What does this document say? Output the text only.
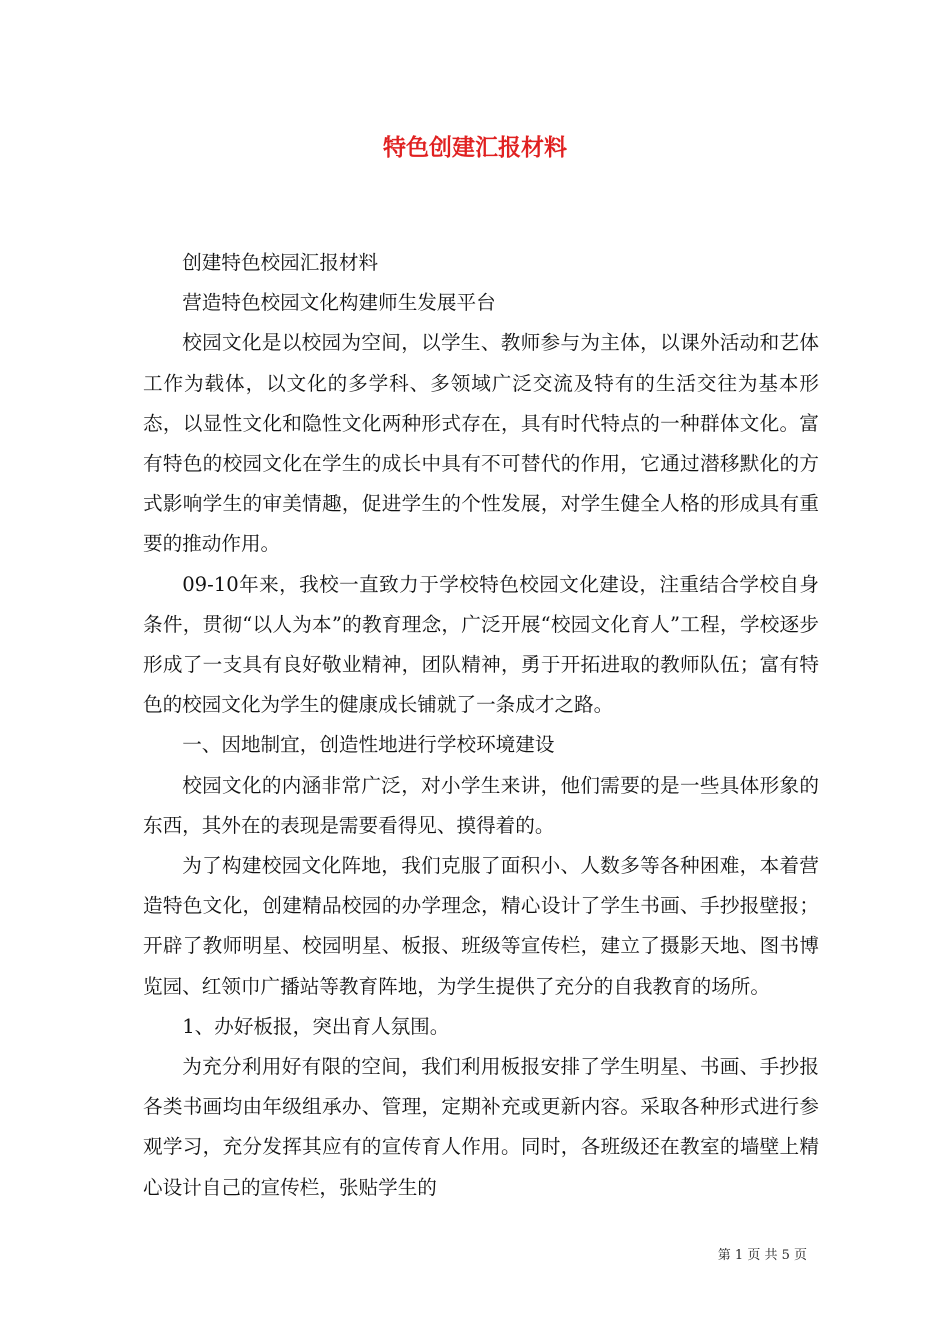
特色创建汇报材料

创建特色校园汇报材料

营造特色校园文化构建师生发展平台

校园文化是以校园为空间，以学生、教师参与为主体，以课外活动和艺体工作为载体，以文化的多学科、多领域广泛交流及特有的生活交往为基本形态，以显性文化和隐性文化两种形式存在，具有时代特点的一种群体文化。富有特色的校园文化在学生的成长中具有不可替代的作用，它通过潜移默化的方式影响学生的审美情趣，促进学生的个性发展，对学生健全人格的形成具有重要的推动作用。

09-10年来，我校一直致力于学校特色校园文化建设，注重结合学校自身条件，贯彻“以人为本”的教育理念，广泛开展“校园文化育人”工程，学校逐步形成了一支具有良好敬业精神，团队精神，勇于开拓进取的教师队伍；富有特色的校园文化为学生的健康成长铺就了一条成才之路。

一、因地制宜，创造性地进行学校环境建设

校园文化的内涵非常广泛，对小学生来讲，他们需要的是一些具体形象的东西，其外在的表现是需要看得见、摸得着的。

为了构建校园文化阵地，我们克服了面积小、人数多等各种困难，本着营造特色文化，创建精品校园的办学理念，精心设计了学生书画、手抄报壁报；开辟了教师明星、校园明星、板报、班级等宣传栏，建立了摄影天地、图书博览园、红领巾广播站等教育阵地，为学生提供了充分的自我教育的场所。

1、办好板报，突出育人氛围。

为充分利用好有限的空间，我们利用板报安排了学生明星、书画、手抄报各类书画均由年级组承办、管理，定期补充或更新内容。采取各种形式进行参观学习，充分发挥其应有的宣传育人作用。同时，各班级还在教室的墙壁上精心设计自己的宣传栏，张贴学生的

第 1 页 共 5 页
